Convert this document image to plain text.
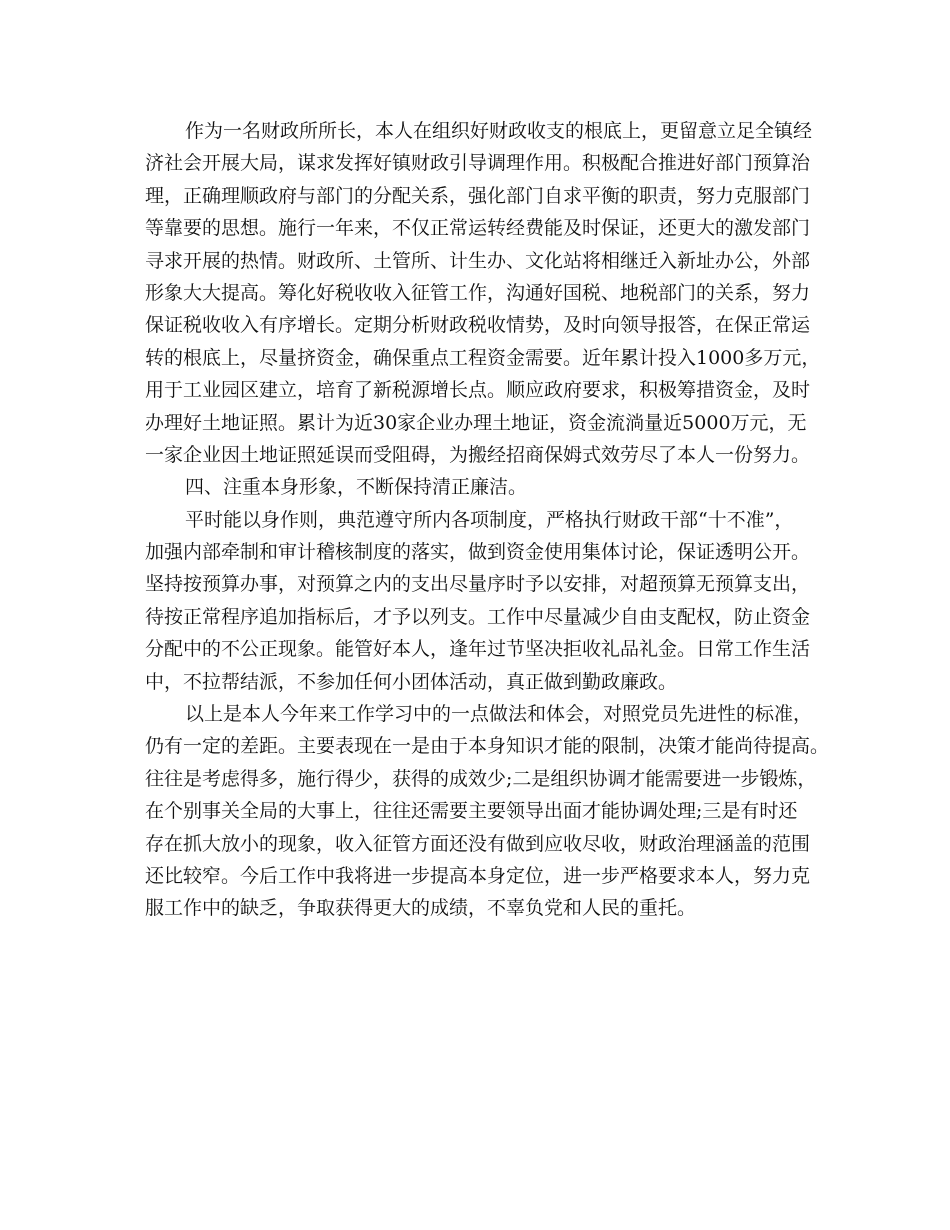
作为一名财政所所长，本人在组织好财政收支的根底上，更留意立足全镇经
济社会开展大局，谋求发挥好镇财政引导调理作用。积极配合推进好部门预算治
理，正确理顺政府与部门的分配关系，强化部门自求平衡的职责，努力克服部门
等靠要的思想。施行一年来，不仅正常运转经费能及时保证，还更大的激发部门
寻求开展的热情。财政所、土管所、计生办、文化站将相继迁入新址办公，外部
形象大大提高。筹化好税收收入征管工作，沟通好国税、地税部门的关系，努力
保证税收收入有序增长。定期分析财政税收情势，及时向领导报答，在保正常运
转的根底上，尽量挤资金，确保重点工程资金需要。近年累计投入1000多万元，
用于工业园区建立，培育了新税源增长点。顺应政府要求，积极筹措资金，及时
办理好土地证照。累计为近30家企业办理土地证，资金流淌量近5000万元，无
一家企业因土地证照延误而受阻碍，为搬经招商保姆式效劳尽了本人一份努力。
四、注重本身形象，不断保持清正廉洁。
平时能以身作则，典范遵守所内各项制度，严格执行财政干部“十不准”，
加强内部牵制和审计稽核制度的落实，做到资金使用集体讨论，保证透明公开。
坚持按预算办事，对预算之内的支出尽量序时予以安排，对超预算无预算支出，
待按正常程序追加指标后，才予以列支。工作中尽量减少自由支配权，防止资金
分配中的不公正现象。能管好本人，逢年过节坚决拒收礼品礼金。日常工作生活
中，不拉帮结派，不参加任何小团体活动，真正做到勤政廉政。
以上是本人今年来工作学习中的一点做法和体会，对照党员先进性的标准，
仍有一定的差距。主要表现在一是由于本身知识才能的限制，决策才能尚待提高。
往往是考虑得多，施行得少，获得的成效少;二是组织协调才能需要进一步锻炼，
在个别事关全局的大事上，往往还需要主要领导出面才能协调处理;三是有时还
存在抓大放小的现象，收入征管方面还没有做到应收尽收，财政治理涵盖的范围
还比较窄。今后工作中我将进一步提高本身定位，进一步严格要求本人，努力克
服工作中的缺乏，争取获得更大的成绩，不辜负党和人民的重托。
